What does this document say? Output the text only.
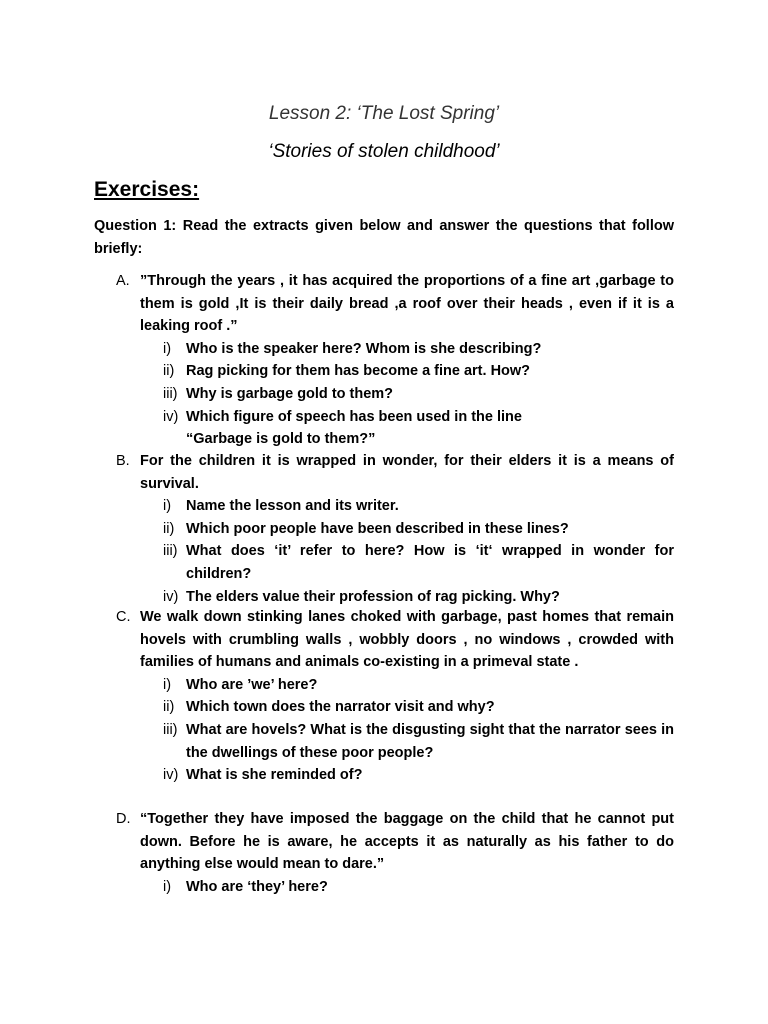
Lesson 2: ‘The Lost Spring’
‘Stories of stolen childhood’
Exercises:
Question 1: Read the extracts given below and answer the questions that follow briefly:
A. ”Through the years , it has acquired the proportions of a fine art ,garbage to them is gold ,It is their daily bread ,a roof over their heads , even if it is a leaking roof .”
i) Who is the speaker here? Whom is she describing?
ii) Rag picking for them has become a fine art. How?
iii) Why is garbage gold to them?
iv) Which figure of speech has been used in the line
“Garbage is gold to them?”
B. For the children it is wrapped in wonder, for their elders it is a means of survival.
i) Name the lesson and its writer.
ii) Which poor people have been described in these lines?
iii) What does ‘it’ refer to here? How is ‘it‘ wrapped in wonder for children?
iv) The elders value their profession of rag picking. Why?
C. We walk down stinking lanes choked with garbage, past homes that remain hovels with crumbling walls , wobbly doors , no windows , crowded with families of humans and animals co-existing in a primeval state .
i) Who are ’we’ here?
ii) Which town does the narrator visit and why?
iii) What are hovels? What is the disgusting sight that the narrator sees in the dwellings of these poor people?
iv) What is she reminded of?
D. “Together they have imposed the baggage on the child that he cannot put down. Before he is aware, he accepts it as naturally as his father to do anything else would mean to dare.”
i) Who are ‘they’ here?
